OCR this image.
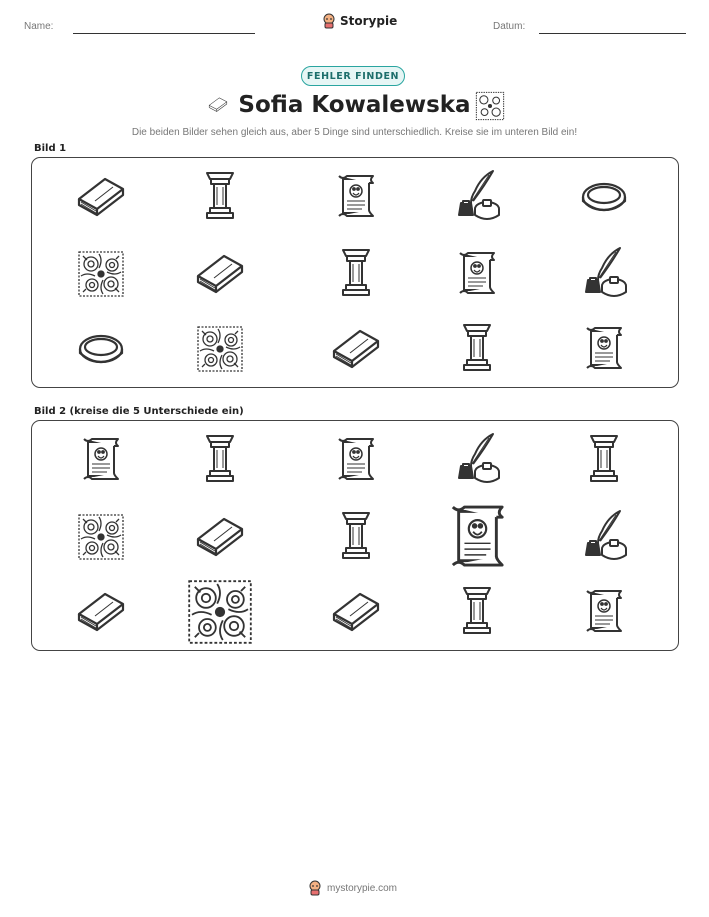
Name:	Storypie	Datum:
FEHLER FINDEN
Sofia Kowalewska
Die beiden Bilder sehen gleich aus, aber 5 Dinge sind unterschiedlich. Kreise sie im unteren Bild ein!
Bild 1
Bild 2 (kreise die 5 Unterschiede ein)
mystorypie.com
